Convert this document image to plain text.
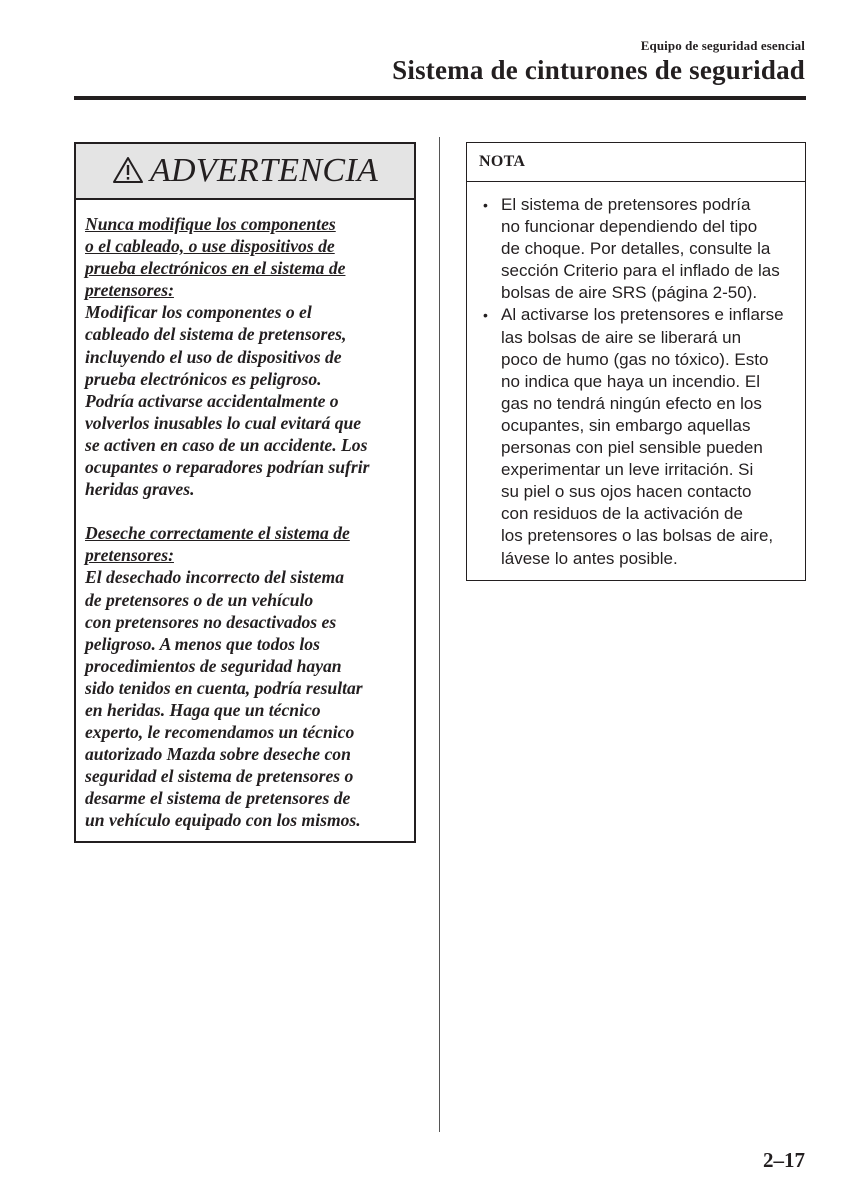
Equipo de seguridad esencial
Sistema de cinturones de seguridad
ADVERTENCIA

Nunca modifique los componentes
o el cableado, o use dispositivos de
prueba electrónicos en el sistema de
pretensores:

Modificar los componentes o el
cableado del sistema de pretensores,
incluyendo el uso de dispositivos de
prueba electrónicos es peligroso.
Podría activarse accidentalmente o
volverlos inusables lo cual evitará que
se activen en caso de un accidente. Los
ocupantes o reparadores podrían sufrir
heridas graves.

Deseche correctamente el sistema de
pretensores:

El desechado incorrecto del sistema
de pretensores o de un vehículo
con pretensores no desactivados es
peligroso. A menos que todos los
procedimientos de seguridad hayan
sido tenidos en cuenta, podría resultar
en heridas. Haga que un técnico
experto, le recomendamos un técnico
autorizado Mazda sobre deseche con
seguridad el sistema de pretensores o
desarme el sistema de pretensores de
un vehículo equipado con los mismos.

NOTA
• El sistema de pretensores podría
no funcionar dependiendo del tipo
de choque. Por detalles, consulte la
sección Criterio para el inflado de las
bolsas de aire SRS (página 2-50).
• Al activarse los pretensores e inflarse
las bolsas de aire se liberará un
poco de humo (gas no tóxico). Esto
no indica que haya un incendio. El
gas no tendrá ningún efecto en los
ocupantes, sin embargo aquellas
personas con piel sensible pueden
experimentar un leve irritación. Si
su piel o sus ojos hacen contacto
con residuos de la activación de
los pretensores o las bolsas de aire,
lávese lo antes posible.
2–17
